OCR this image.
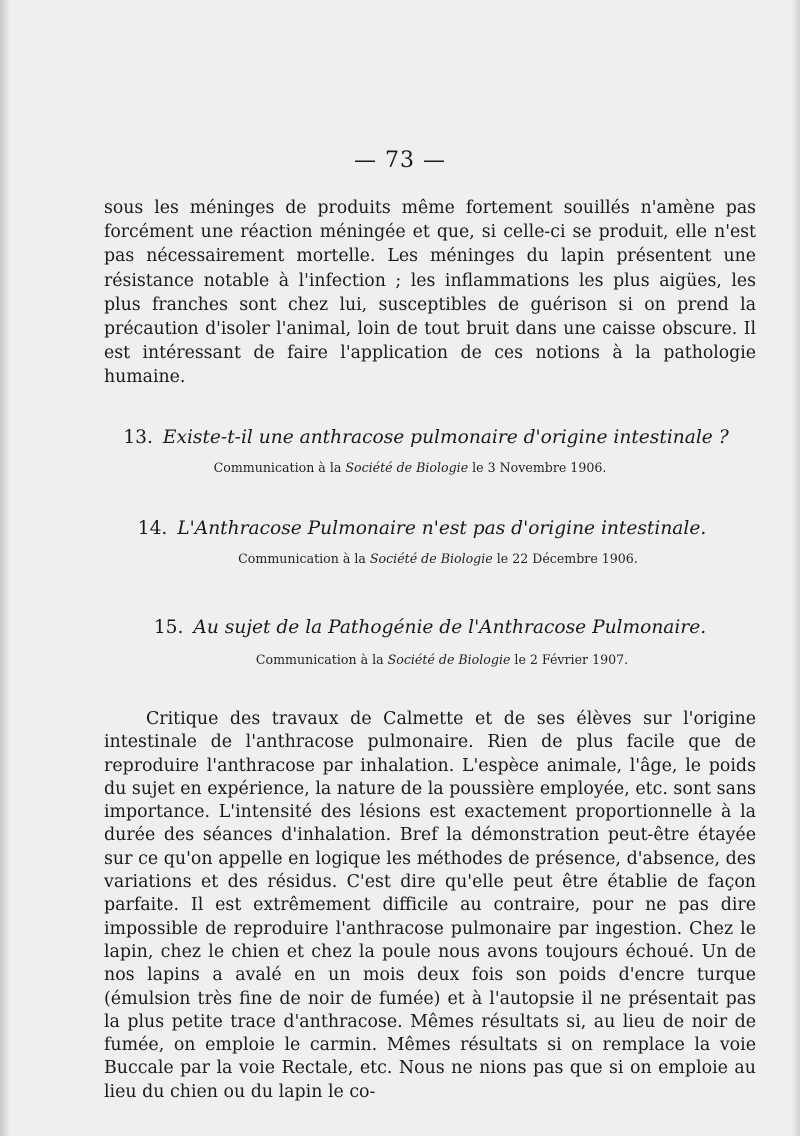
— 73 —

sous les méninges de produits même fortement souillés n'amène pas forcément une réaction méningée et que, si celle-ci se produit, elle n'est pas nécessairement mortelle. Les méninges du lapin présentent une résistance notable à l'infection ; les inflammations les plus aigües, les plus franches sont chez lui, susceptibles de guérison si on prend la précaution d'isoler l'animal, loin de tout bruit dans une caisse obscure. Il est intéressant de faire l'application de ces notions à la pathologie humaine.

13. Existe-t-il une anthracose pulmonaire d'origine intestinale ?
Communication à la Société de Biologie le 3 Novembre 1906.
14. L'Anthracose Pulmonaire n'est pas d'origine intestinale.
Communication à la Société de Biologie le 22 Décembre 1906.
15. Au sujet de la Pathogénie de l'Anthracose Pulmonaire.
Communication à la Société de Biologie le 2 Février 1907.

Critique des travaux de Calmette et de ses élèves sur l'origine intestinale de l'anthracose pulmonaire. Rien de plus facile que de reproduire l'anthracose par inhalation. L'espèce animale, l'âge, le poids du sujet en expérience, la nature de la poussière employée, etc. sont sans importance. L'intensité des lésions est exactement proportionnelle à la durée des séances d'inhalation. Bref la démonstration peut-être étayée sur ce qu'on appelle en logique les méthodes de présence, d'absence, des variations et des résidus. C'est dire qu'elle peut être établie de façon parfaite. Il est extrêmement difficile au contraire, pour ne pas dire impossible de reproduire l'anthracose pulmonaire par ingestion. Chez le lapin, chez le chien et chez la poule nous avons toujours échoué. Un de nos lapins a avalé en un mois deux fois son poids d'encre turque (émulsion très fine de noir de fumée) et à l'autopsie il ne présentait pas la plus petite trace d'anthracose. Mêmes résultats si, au lieu de noir de fumée, on emploie le carmin. Mêmes résultats si on remplace la voie Buccale par la voie Rectale, etc. Nous ne nions pas que si on emploie au lieu du chien ou du lapin le co-
